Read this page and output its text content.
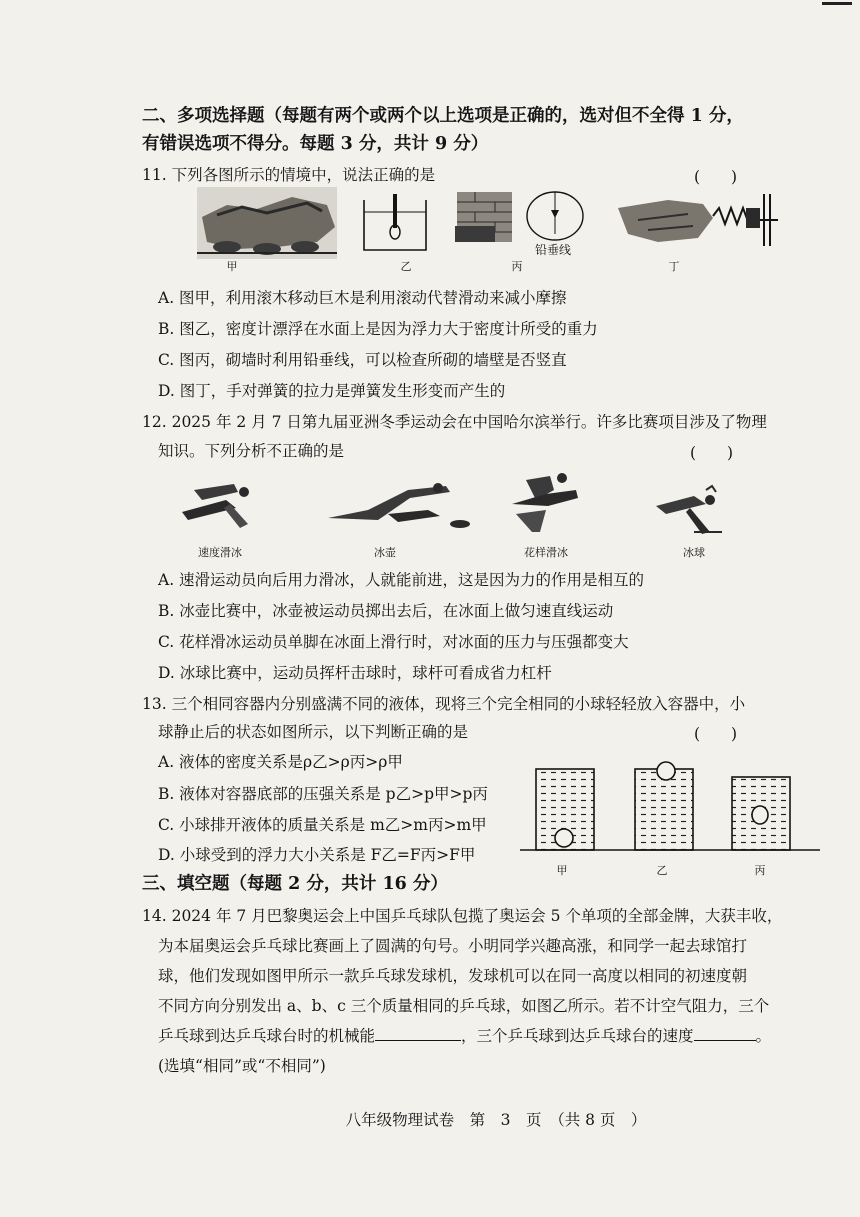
二、多项选择题（每题有两个或两个以上选项是正确的，选对但不全得 1 分，
有错误选项不得分。每题 3 分，共计 9 分）
11. 下列各图所示的情境中，说法正确的是	(　　)
铅垂线
甲	乙	丙	丁
A. 图甲，利用滚木移动巨木是利用滚动代替滑动来减小摩擦
B. 图乙，密度计漂浮在水面上是因为浮力大于密度计所受的重力
C. 图丙，砌墙时利用铅垂线，可以检查所砌的墙壁是否竖直
D. 图丁，手对弹簧的拉力是弹簧发生形变而产生的
12. 2025 年 2 月 7 日第九届亚洲冬季运动会在中国哈尔滨举行。许多比赛项目涉及了物理
知识。下列分析不正确的是	(　　)
速度滑冰	冰壶	花样滑冰	冰球
A. 速滑运动员向后用力滑冰，人就能前进，这是因为力的作用是相互的
B. 冰壶比赛中，冰壶被运动员掷出去后，在冰面上做匀速直线运动
C. 花样滑冰运动员单脚在冰面上滑行时，对冰面的压力与压强都变大
D. 冰球比赛中，运动员挥杆击球时，球杆可看成省力杠杆
13. 三个相同容器内分别盛满不同的液体，现将三个完全相同的小球轻轻放入容器中，小
球静止后的状态如图所示，以下判断正确的是	(　　)
A. 液体的密度关系是ρ乙>ρ丙>ρ甲
B. 液体对容器底部的压强关系是 p乙>p甲>p丙
C. 小球排开液体的质量关系是 m乙>m丙>m甲
D. 小球受到的浮力大小关系是 F乙=F丙>F甲
甲	乙	丙
三、填空题（每题 2 分，共计 16 分）
14. 2024 年 7 月巴黎奥运会上中国乒乓球队包揽了奥运会 5 个单项的全部金牌，大获丰收，
为本届奥运会乒乓球比赛画上了圆满的句号。小明同学兴趣高涨，和同学一起去球馆打
球，他们发现如图甲所示一款乒乓球发球机，发球机可以在同一高度以相同的初速度朝
不同方向分别发出 a、b、c 三个质量相同的乒乓球，如图乙所示。若不计空气阻力，三个
乒乓球到达乒乓球台时的机械能	，三个乒乓球到达乒乓球台的速度	。
(选填“相同”或“不相同”)
八年级物理试卷　第　3　页　（共 8 页　）
